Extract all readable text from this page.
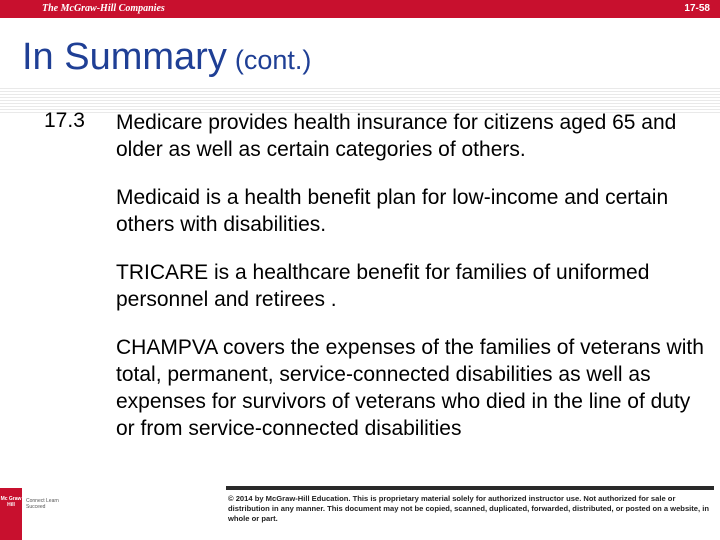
The McGraw-Hill Companies	17-58
In Summary (cont.)
17.3 Medicare provides health insurance for citizens aged 65 and older as well as certain categories of others.

Medicaid is a health benefit plan for low-income and certain others with disabilities.

TRICARE is a healthcare benefit for families of uniformed personnel and retirees .

CHAMPVA covers the expenses of the families of veterans with total, permanent, service-connected disabilities as well as expenses for survivors of veterans who died in the line of duty or from service-connected disabilities

Mc Graw Hill
Connect Learn Succeed
© 2014 by McGraw-Hill Education. This is proprietary material solely for authorized instructor use. Not authorized for sale or distribution in any manner. This document may not be copied, scanned, duplicated, forwarded, distributed, or posted on a website, in whole or part.
